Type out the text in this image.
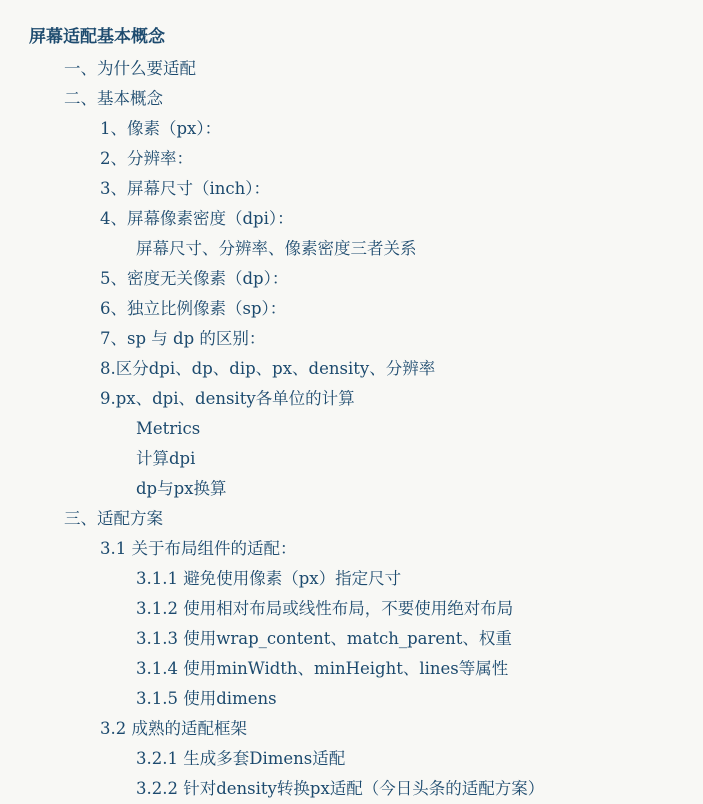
屏幕适配基本概念
一、为什么要适配
二、基本概念
1、像素（px）：
2、分辨率：
3、屏幕尺寸（inch）：
4、屏幕像素密度（dpi）：
屏幕尺寸、分辨率、像素密度三者关系
5、密度无关像素（dp）：
6、独立比例像素（sp）：
7、sp 与 dp 的区别：
8.区分dpi、dp、dip、px、density、分辨率
9.px、dpi、density各单位的计算
Metrics
计算dpi
dp与px换算
三、适配方案
3.1 关于布局组件的适配：
3.1.1 避免使用像素（px）指定尺寸
3.1.2 使用相对布局或线性布局，不要使用绝对布局
3.1.3 使用wrap_content、match_parent、权重
3.1.4 使用minWidth、minHeight、lines等属性
3.1.5 使用dimens
3.2 成熟的适配框架
3.2.1 生成多套Dimens适配
3.2.2 针对density转换px适配（今日头条的适配方案）
